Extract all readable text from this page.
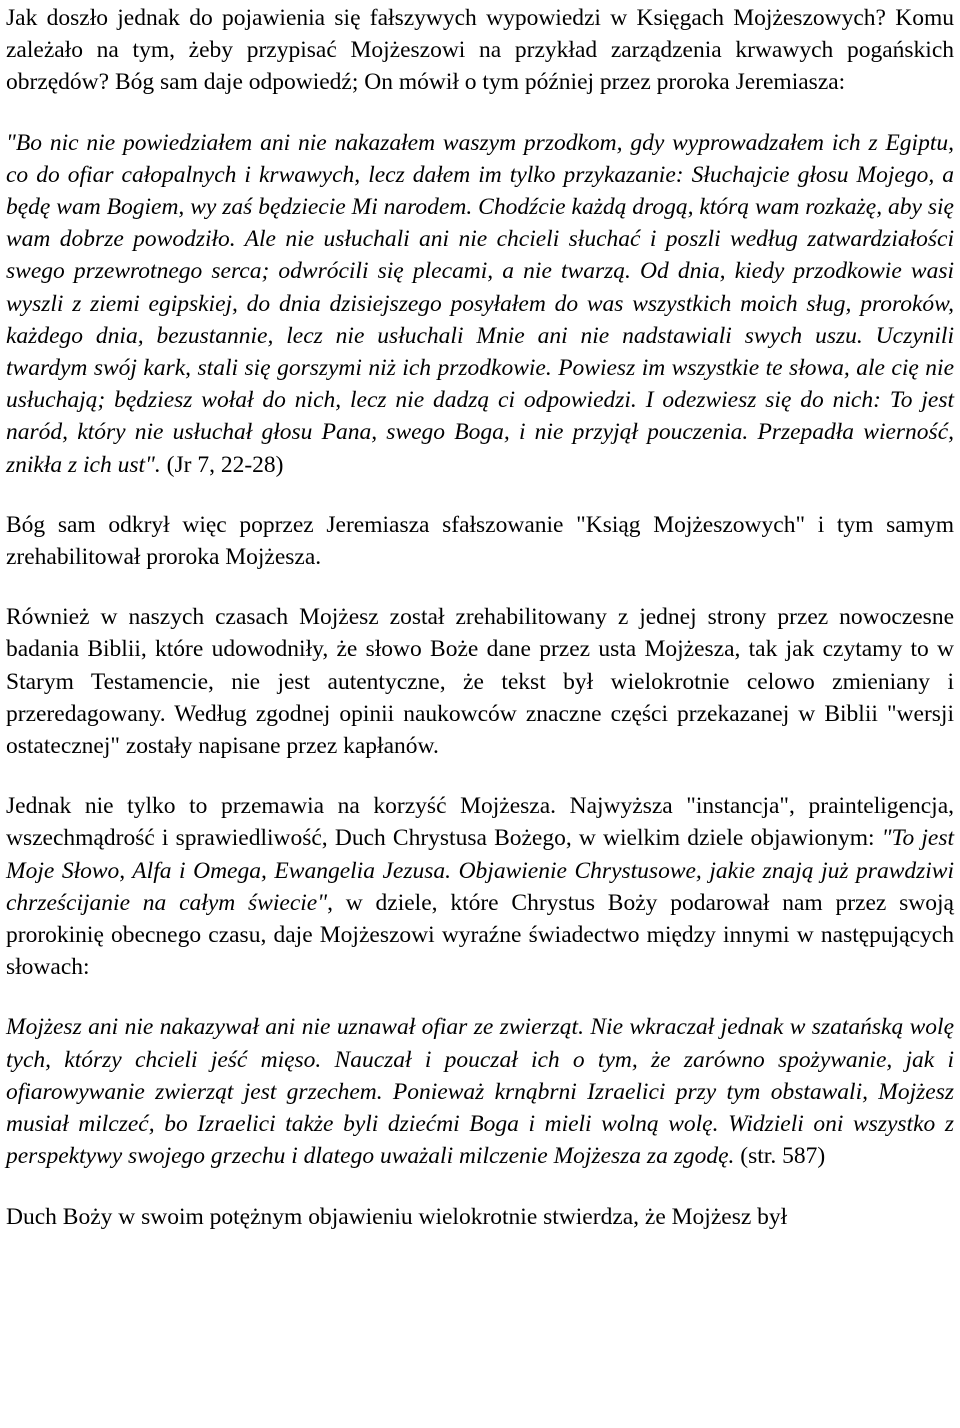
Jak doszło jednak do pojawienia się fałszywych wypowiedzi w Księgach Mojżeszowych? Komu zależało na tym, żeby przypisać Mojżeszowi na przykład zarządzenia krwawych pogańskich obrzędów? Bóg sam daje odpowiedź; On mówił o tym później przez proroka Jeremiasza:

"Bo nic nie powiedziałem ani nie nakazałem waszym przodkom, gdy wyprowadzałem ich z Egiptu, co do ofiar całopalnych i krwawych, lecz dałem im tylko przykazanie: Słuchajcie głosu Mojego, a będę wam Bogiem, wy zaś będziecie Mi narodem. Chodźcie każdą drogą, którą wam rozkażę, aby się wam dobrze powodziło. Ale nie usłuchali ani nie chcieli słuchać i poszli według zatwardziałości swego przewrotnego serca; odwrócili się plecami, a nie twarzą. Od dnia, kiedy przodkowie wasi wyszli z ziemi egipskiej, do dnia dzisiejszego posyłałem do was wszystkich moich sług, proroków, każdego dnia, bezustannie, lecz nie usłuchali Mnie ani nie nadstawiali swych uszu. Uczynili twardym swój kark, stali się gorszymi niż ich przodkowie. Powiesz im wszystkie te słowa, ale cię nie usłuchają; będziesz wołał do nich, lecz nie dadzą ci odpowiedzi. I odezwiesz się do nich: To jest naród, który nie usłuchał głosu Pana, swego Boga, i nie przyjął pouczenia. Przepadła wierność, znikła z ich ust". (Jr 7, 22-28)

Bóg sam odkrył więc poprzez Jeremiasza sfałszowanie "Ksiąg Mojżeszowych" i tym samym zrehabilitował proroka Mojżesza.

Również w naszych czasach Mojżesz został zrehabilitowany z jednej strony przez nowoczesne badania Biblii, które udowodniły, że słowo Boże dane przez usta Mojżesza, tak jak czytamy to w Starym Testamencie, nie jest autentyczne, że tekst był wielokrotnie celowo zmieniany i przeredagowany. Według zgodnej opinii naukowców znaczne części przekazanej w Biblii "wersji ostatecznej" zostały napisane przez kapłanów.

Jednak nie tylko to przemawia na korzyść Mojżesza. Najwyższa "instancja", prainteligencja, wszechmądrość i sprawiedliwość, Duch Chrystusa Bożego, w wielkim dziele objawionym: "To jest Moje Słowo, Alfa i Omega, Ewangelia Jezusa. Objawienie Chrystusowe, jakie znają już prawdziwi chrześcijanie na całym świecie", w dziele, które Chrystus Boży podarował nam przez swoją prorokinię obecnego czasu, daje Mojżeszowi wyraźne świadectwo między innymi w następujących słowach:

Mojżesz ani nie nakazywał ani nie uznawał ofiar ze zwierząt. Nie wkraczał jednak w szatańską wolę tych, którzy chcieli jeść mięso. Nauczał i pouczał ich o tym, że zarówno spożywanie, jak i ofiarowywanie zwierząt jest grzechem. Ponieważ krnąbrni Izraelici przy tym obstawali, Mojżesz musiał milczeć, bo Izraelici także byli dziećmi Boga i mieli wolną wolę. Widzieli oni wszystko z perspektywy swojego grzechu i dlatego uważali milczenie Mojżesza za zgodę. (str. 587)

Duch Boży w swoim potężnym objawieniu wielokrotnie stwierdza, że Mojżesz był
